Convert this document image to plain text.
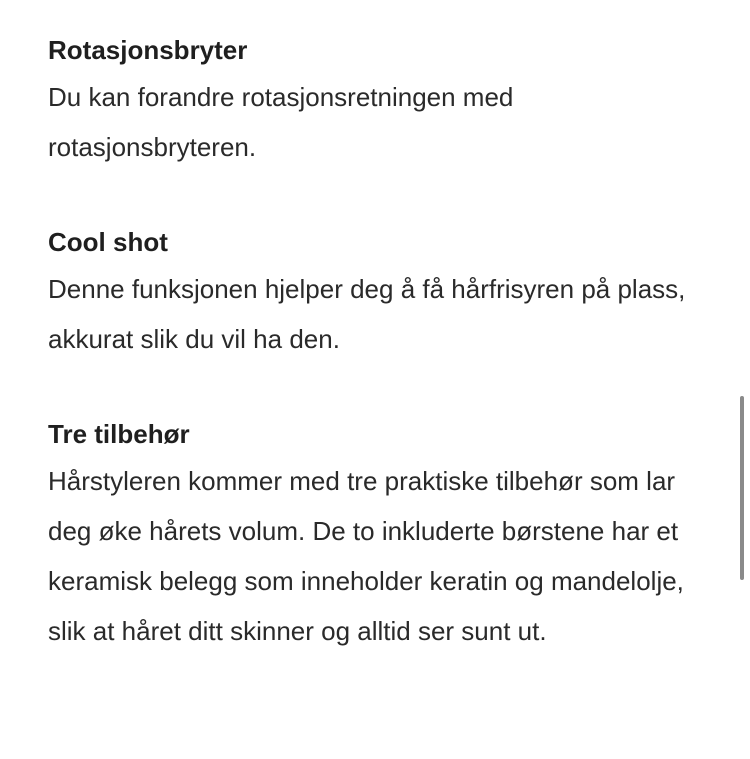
Rotasjonsbryter

Du kan forandre rotasjonsretningen med rotasjonsbryteren.

Cool shot

Denne funksjonen hjelper deg å få hårfrisyren på plass, akkurat slik du vil ha den.

Tre tilbehør

Hårstyleren kommer med tre praktiske tilbehør som lar deg øke hårets volum. De to inkluderte børstene har et keramisk belegg som inneholder keratin og mandelolje, slik at håret ditt skinner og alltid ser sunt ut.
